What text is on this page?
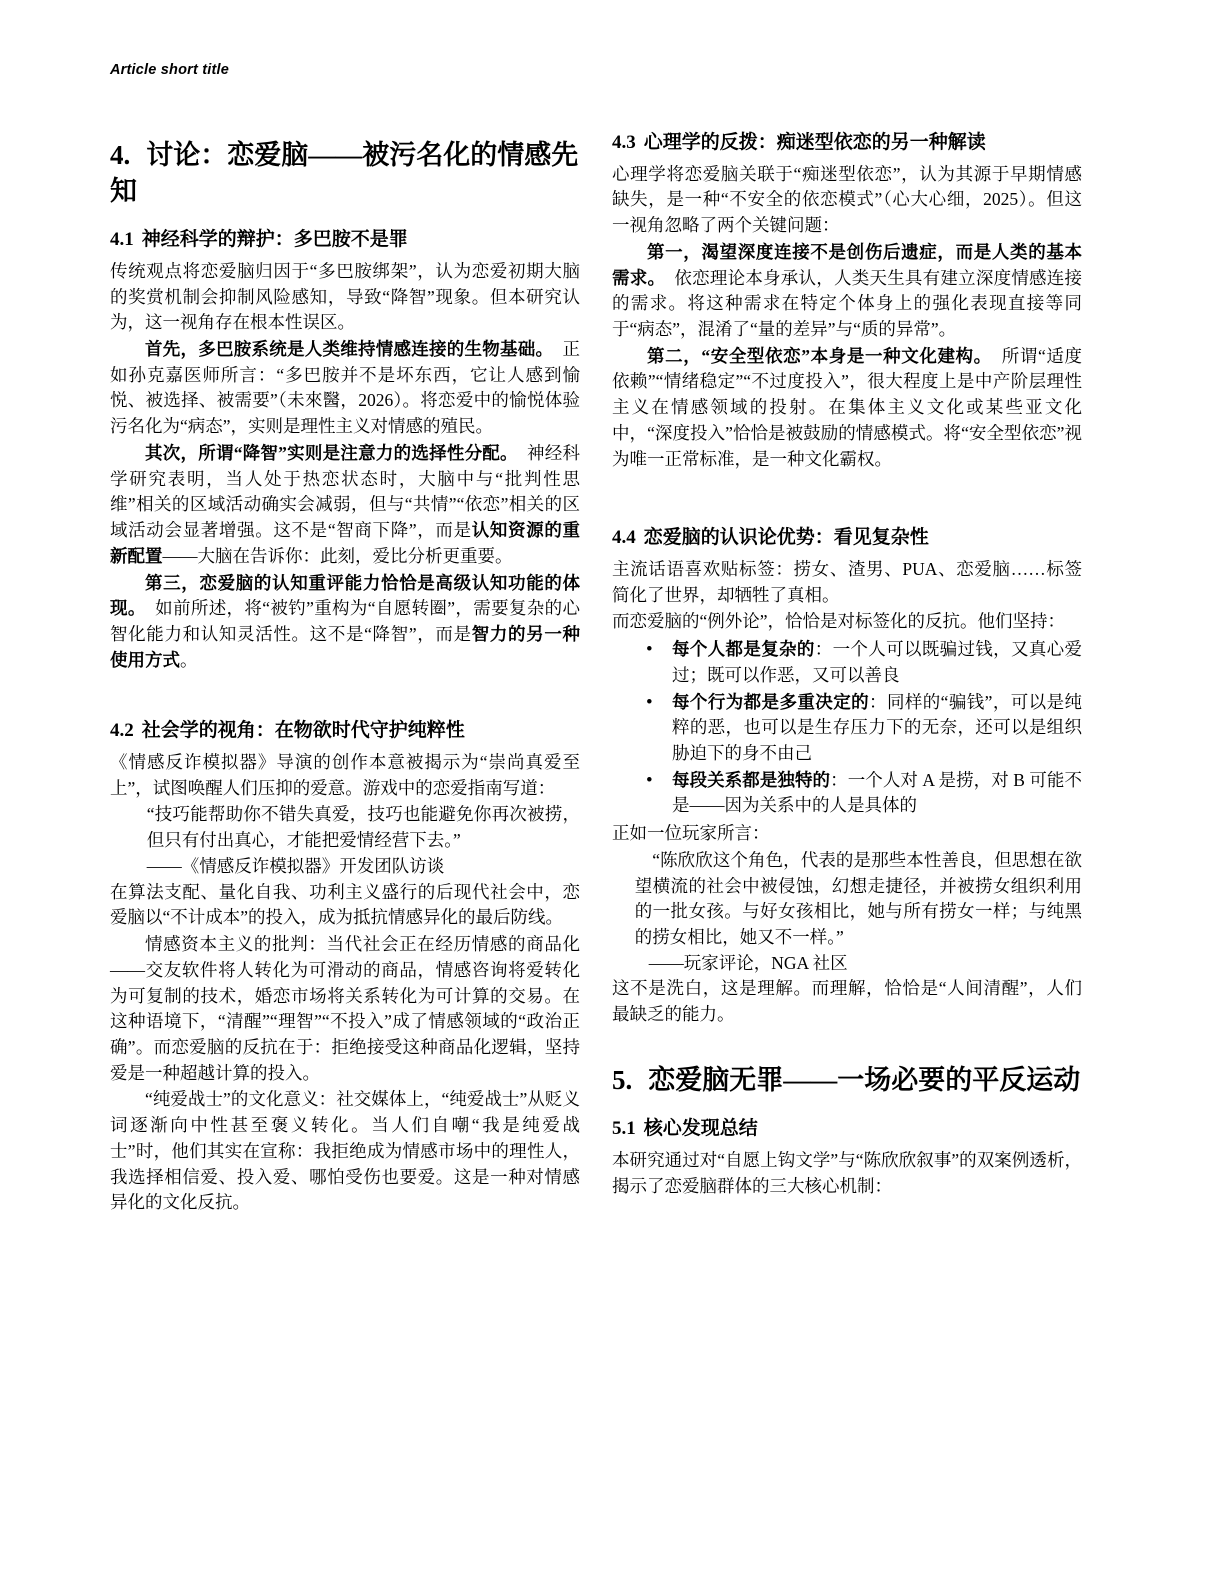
Article short title
4. 讨论：恋爱脑——被污名化的情感先知
4.1 神经科学的辩护：多巴胺不是罪

传统观点将恋爱脑归因于“多巴胺绑架”，认为恋爱初期大脑的奖赏机制会抑制风险感知，导致“降智”现象。但本研究认为，这一视角存在根本性误区。

首先，多巴胺系统是人类维持情感连接的生物基础。 正如孙克嘉医师所言：“多巴胺并不是坏东西，它让人感到愉悦、被选择、被需要”（未來醫，2026）。将恋爱中的愉悦体验污名化为“病态”，实则是理性主义对情感的殖民。

其次，所谓“降智”实则是注意力的选择性分配。 神经科学研究表明，当人处于热恋状态时，大脑中与“批判性思维”相关的区域活动确实会减弱，但与“共情”“依恋”相关的区域活动会显著增强。这不是“智商下降”，而是认知资源的重新配置——大脑在告诉你：此刻，爱比分析更重要。

第三，恋爱脑的认知重评能力恰恰是高级认知功能的体现。 如前所述，将“被钓”重构为“自愿转圈”，需要复杂的心智化能力和认知灵活性。这不是“降智”，而是智力的另一种使用方式。

4.2 社会学的视角：在物欲时代守护纯粹性

《情感反诈模拟器》导演的创作本意被揭示为“崇尚真爱至上”，试图唤醒人们压抑的爱意。游戏中的恋爱指南写道：

“技巧能帮助你不错失真爱，技巧也能避免你再次被捞，但只有付出真心，才能把爱情经营下去。”

——《情感反诈模拟器》开发团队访谈

在算法支配、量化自我、功利主义盛行的后现代社会中，恋爱脑以“不计成本”的投入，成为抵抗情感异化的最后防线。

情感资本主义的批判：当代社会正在经历情感的商品化——交友软件将人转化为可滑动的商品，情感咨询将爱转化为可复制的技术，婚恋市场将关系转化为可计算的交易。在这种语境下，“清醒”“理智”“不投入”成了情感领域的“政治正确”。而恋爱脑的反抗在于：拒绝接受这种商品化逻辑，坚持爱是一种超越计算的投入。

“纯爱战士”的文化意义：社交媒体上，“纯爱战士”从贬义词逐渐向中性甚至褒义转化。当人们自嘲“我是纯爱战士”时，他们其实在宣称：我拒绝成为情感市场中的理性人，我选择相信爱、投入爱、哪怕受伤也要爱。这是一种对情感异化的文化反抗。

4.3 心理学的反拨：痴迷型依恋的另一种解读

心理学将恋爱脑关联于“痴迷型依恋”，认为其源于早期情感缺失，是一种“不安全的依恋模式”（心大心细，2025）。但这一视角忽略了两个关键问题：

第一，渴望深度连接不是创伤后遗症，而是人类的基本需求。 依恋理论本身承认，人类天生具有建立深度情感连接的需求。将这种需求在特定个体身上的强化表现直接等同于“病态”，混淆了“量的差异”与“质的异常”。

第二，“安全型依恋”本身是一种文化建构。 所谓“适度依赖”“情绪稳定”“不过度投入”，很大程度上是中产阶层理性主义在情感领域的投射。在集体主义文化或某些亚文化中，“深度投入”恰恰是被鼓励的情感模式。将“安全型依恋”视为唯一正常标准，是一种文化霸权。

4.4 恋爱脑的认识论优势：看见复杂性

主流话语喜欢贴标签：捞女、渣男、PUA、恋爱脑……标签简化了世界，却牺牲了真相。

而恋爱脑的“例外论”，恰恰是对标签化的反抗。他们坚持：

• 每个人都是复杂的：一个人可以既骗过钱，又真心爱过；既可以作恶，又可以善良
• 每个行为都是多重决定的：同样的“骗钱”，可以是纯粹的恶，也可以是生存压力下的无奈，还可以是组织胁迫下的身不由己
• 每段关系都是独特的：一个人对 A 是捞，对 B 可能不是——因为关系中的人是具体的

正如一位玩家所言：

“陈欣欣这个角色，代表的是那些本性善良，但思想在欲望横流的社会中被侵蚀，幻想走捷径，并被捞女组织利用的一批女孩。与好女孩相比，她与所有捞女一样；与纯黑的捞女相比，她又不一样。”

——玩家评论，NGA 社区

这不是洗白，这是理解。而理解，恰恰是“人间清醒”，人们最缺乏的能力。

5. 恋爱脑无罪——一场必要的平反运动
5.1 核心发现总结

本研究通过对“自愿上钩文学”与“陈欣欣叙事”的双案例透析，揭示了恋爱脑群体的三大核心机制：
